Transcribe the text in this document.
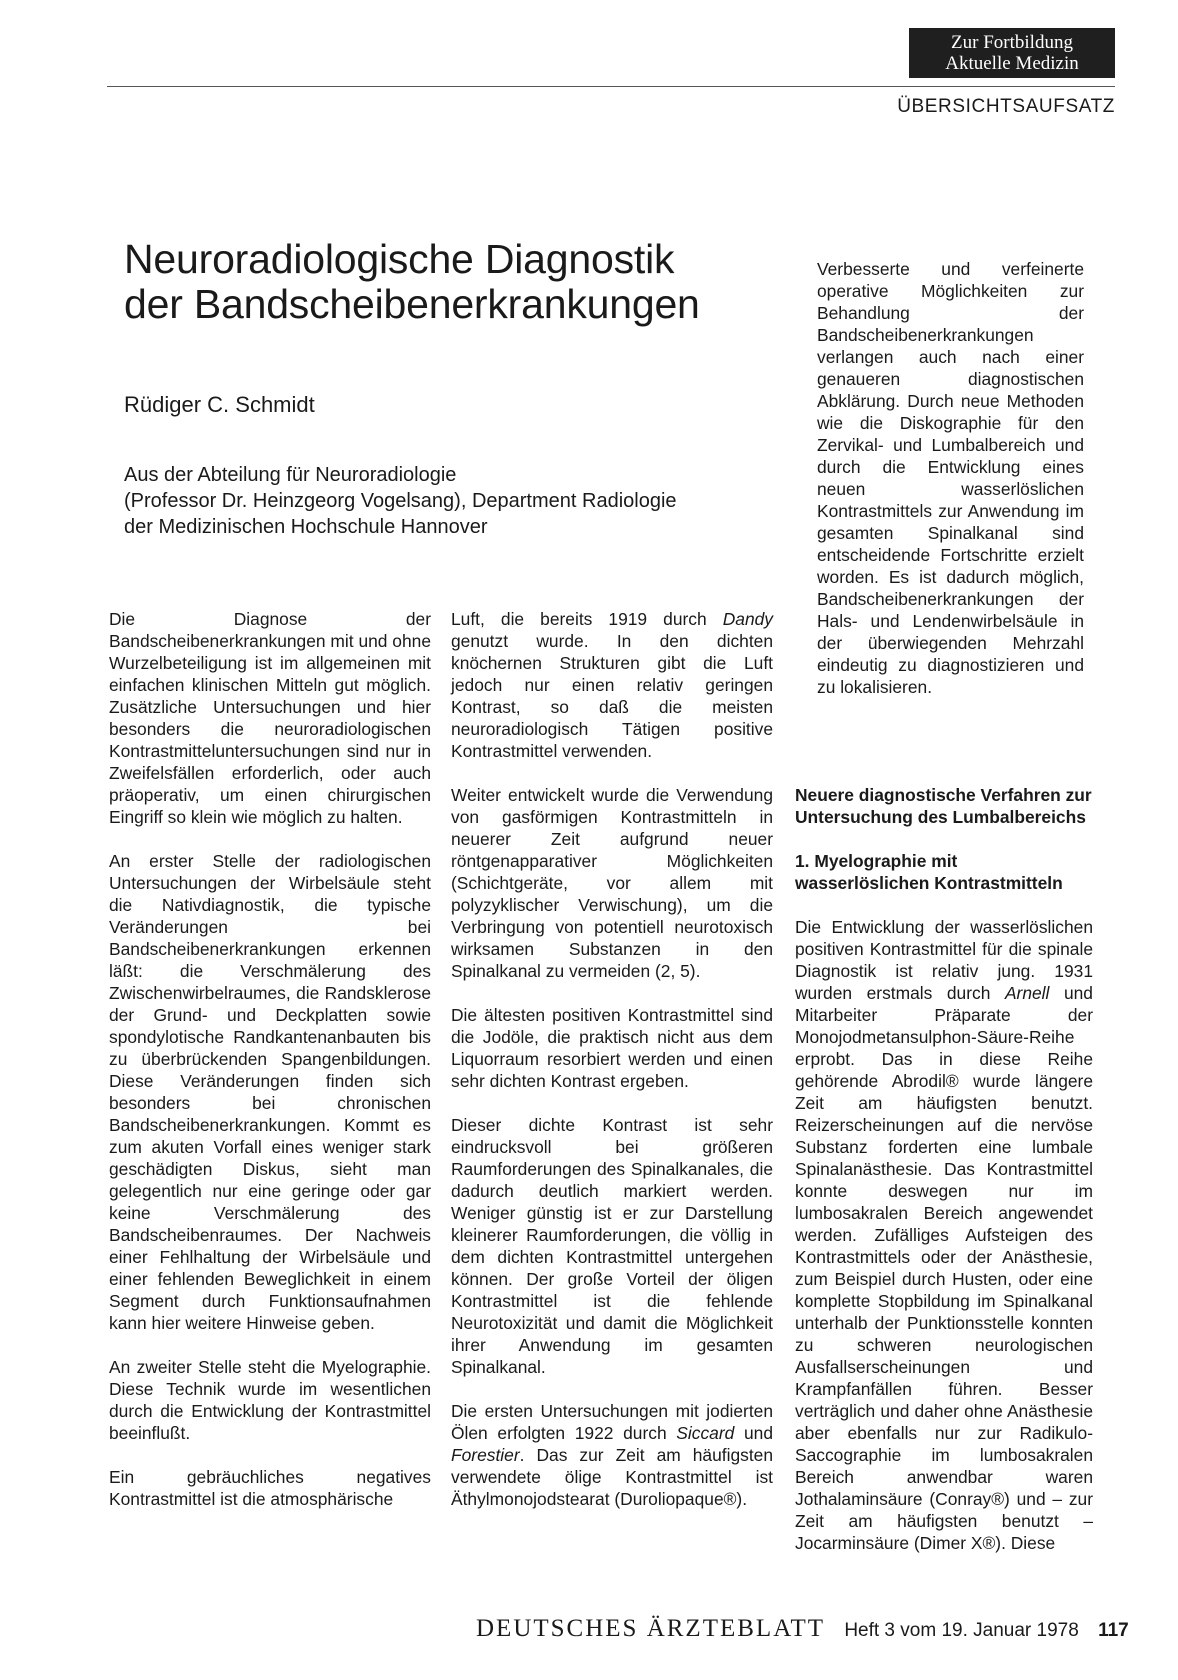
Zur Fortbildung
Aktuelle Medizin
ÜBERSICHTSAUFSATZ
Neuroradiologische Diagnostik
der Bandscheibenerkrankungen
Rüdiger C. Schmidt
Aus der Abteilung für Neuroradiologie
(Professor Dr. Heinzgeorg Vogelsang), Department Radiologie
der Medizinischen Hochschule Hannover

Die Diagnose der Bandscheibenerkrankungen mit und ohne Wurzelbeteiligung ist im allgemeinen mit einfachen klinischen Mitteln gut möglich. Zusätzliche Untersuchungen und hier besonders die neuroradiologischen Kontrastmitteluntersuchungen sind nur in Zweifelsfällen erforderlich, oder auch präoperativ, um einen chirurgischen Eingriff so klein wie möglich zu halten.

An erster Stelle der radiologischen Untersuchungen der Wirbelsäule steht die Nativdiagnostik, die typische Veränderungen bei Bandscheibenerkrankungen erkennen läßt: die Verschmälerung des Zwischenwirbelraumes, die Randsklerose der Grund- und Deckplatten sowie spondylotische Randkantenanbauten bis zu überbrückenden Spangenbildungen. Diese Veränderungen finden sich besonders bei chronischen Bandscheibenerkrankungen. Kommt es zum akuten Vorfall eines weniger stark geschädigten Diskus, sieht man gelegentlich nur eine geringe oder gar keine Verschmälerung des Bandscheibenraumes. Der Nachweis einer Fehlhaltung der Wirbelsäule und einer fehlenden Beweglichkeit in einem Segment durch Funktionsaufnahmen kann hier weitere Hinweise geben.

An zweiter Stelle steht die Myelographie. Diese Technik wurde im wesentlichen durch die Entwicklung der Kontrastmittel beeinflußt.

Ein gebräuchliches negatives Kontrastmittel ist die atmosphärische

Luft, die bereits 1919 durch Dandy genutzt wurde. In den dichten knöchernen Strukturen gibt die Luft jedoch nur einen relativ geringen Kontrast, so daß die meisten neuroradiologisch Tätigen positive Kontrastmittel verwenden.

Weiter entwickelt wurde die Verwendung von gasförmigen Kontrastmitteln in neuerer Zeit aufgrund neuer röntgenapparativer Möglichkeiten (Schichtgeräte, vor allem mit polyzyklischer Verwischung), um die Verbringung von potentiell neurotoxisch wirksamen Substanzen in den Spinalkanal zu vermeiden (2, 5).

Die ältesten positiven Kontrastmittel sind die Jodöle, die praktisch nicht aus dem Liquorraum resorbiert werden und einen sehr dichten Kontrast ergeben.

Dieser dichte Kontrast ist sehr eindrucksvoll bei größeren Raumforderungen des Spinalkanales, die dadurch deutlich markiert werden. Weniger günstig ist er zur Darstellung kleinerer Raumforderungen, die völlig in dem dichten Kontrastmittel untergehen können. Der große Vorteil der öligen Kontrastmittel ist die fehlende Neurotoxizität und damit die Möglichkeit ihrer Anwendung im gesamten Spinalkanal.

Die ersten Untersuchungen mit jodierten Ölen erfolgten 1922 durch Siccard und Forestier. Das zur Zeit am häufigsten verwendete ölige Kontrastmittel ist Äthylmonojodstearat (Duroliopaque®).

Verbesserte und verfeinerte operative Möglichkeiten zur Behandlung der Bandscheibenerkrankungen verlangen auch nach einer genaueren diagnostischen Abklärung. Durch neue Methoden wie die Diskographie für den Zervikal- und Lumbalbereich und durch die Entwicklung eines neuen wasserlöslichen Kontrastmittels zur Anwendung im gesamten Spinalkanal sind entscheidende Fortschritte erzielt worden. Es ist dadurch möglich, Bandscheibenerkrankungen der Hals- und Lendenwirbelsäule in der überwiegenden Mehrzahl eindeutig zu diagnostizieren und zu lokalisieren.

Neuere diagnostische Verfahren zur Untersuchung des Lumbalbereichs
1. Myelographie mit wasserlöslichen Kontrastmitteln

Die Entwicklung der wasserlöslichen positiven Kontrastmittel für die spinale Diagnostik ist relativ jung. 1931 wurden erstmals durch Arnell und Mitarbeiter Präparate der Monojodmetansulphon-Säure-Reihe erprobt. Das in diese Reihe gehörende Abrodil® wurde längere Zeit am häufigsten benutzt. Reizerscheinungen auf die nervöse Substanz forderten eine lumbale Spinalanästhesie. Das Kontrastmittel konnte deswegen nur im lumbosakralen Bereich angewendet werden. Zufälliges Aufsteigen des Kontrastmittels oder der Anästhesie, zum Beispiel durch Husten, oder eine komplette Stopbildung im Spinalkanal unterhalb der Punktionsstelle konnten zu schweren neurologischen Ausfallserscheinungen und Krampfanfällen führen. Besser verträglich und daher ohne Anästhesie aber ebenfalls nur zur Radikulo-Saccographie im lumbosakralen Bereich anwendbar waren Jothalaminsäure (Conray®) und – zur Zeit am häufigsten benutzt – Jocarminsäure (Dimer X®). Diese

DEUTSCHES ÄRZTEBLATT Heft 3 vom 19. Januar 1978 117
